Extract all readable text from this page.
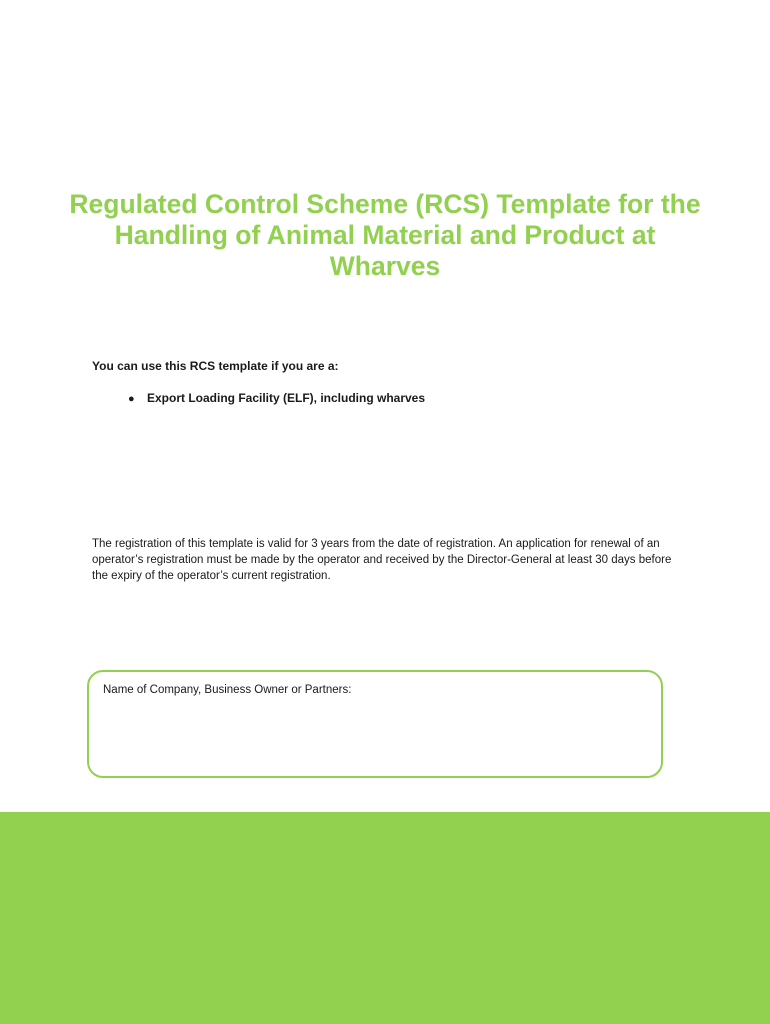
Regulated Control Scheme (RCS) Template for the Handling of Animal Material and Product at Wharves

You can use this RCS template if you are a:

●	Export Loading Facility (ELF), including wharves

The registration of this template is valid for 3 years from the date of registration. An application for renewal of an operator’s registration must be made by the operator and received by the Director-General at least 30 days before the expiry of the operator’s current registration.

Name of Company, Business Owner or Partners:
